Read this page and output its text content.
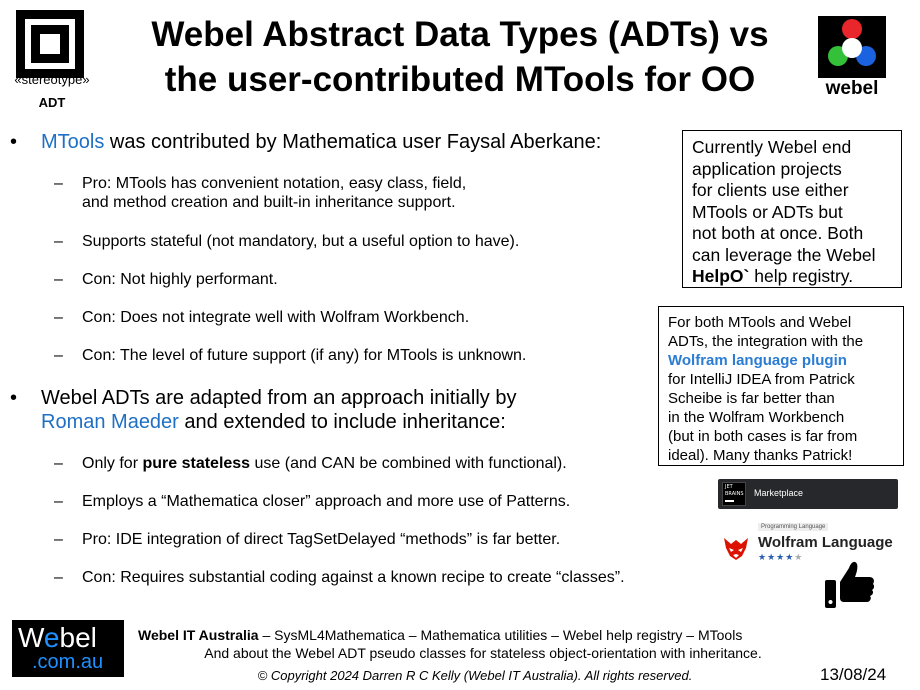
«stereotype»
ADT
Webel Abstract Data Types (ADTs) vs
the user-contributed MTools for OO	webel
• MTools was contributed by Mathematica user Faysal Aberkane:
– Pro: MTools has convenient notation, easy class, field,
and method creation and built-in inheritance support.
– Supports stateful (not mandatory, but a useful option to have).
– Con: Not highly performant.
– Con: Does not integrate well with Wolfram Workbench.
– Con: The level of future support (if any) for MTools is unknown.
• Webel ADTs are adapted from an approach initially by
Roman Maeder and extended to include inheritance:
– Only for pure stateless use (and CAN be combined with functional).
– Employs a “Mathematica closer” approach and more use of Patterns.
– Pro: IDE integration of direct TagSetDelayed “methods” is far better.
– Con: Requires substantial coding against a known recipe to create “classes”.
Currently Webel end
application projects
for clients use either
MTools or ADTs but
not both at once. Both
can leverage the Webel
HelpO` help registry.
For both MTools and Webel
ADTs, the integration with the
Wolfram language plugin
for IntelliJ IDEA from Patrick
Scheibe is far better than
in the Wolfram Workbench
(but in both cases is far from
ideal). Many thanks Patrick!
JET
BRAINS Marketplace
Programming Language
Wolfram Language
★★★★★
Webel
.com.au
Webel IT Australia – SysML4Mathematica – Mathematica utilities – Webel help registry – MTools
And about the Webel ADT pseudo classes for stateless object-orientation with inheritance.
© Copyright 2024 Darren R C Kelly (Webel IT Australia). All rights reserved.	13/08/24
